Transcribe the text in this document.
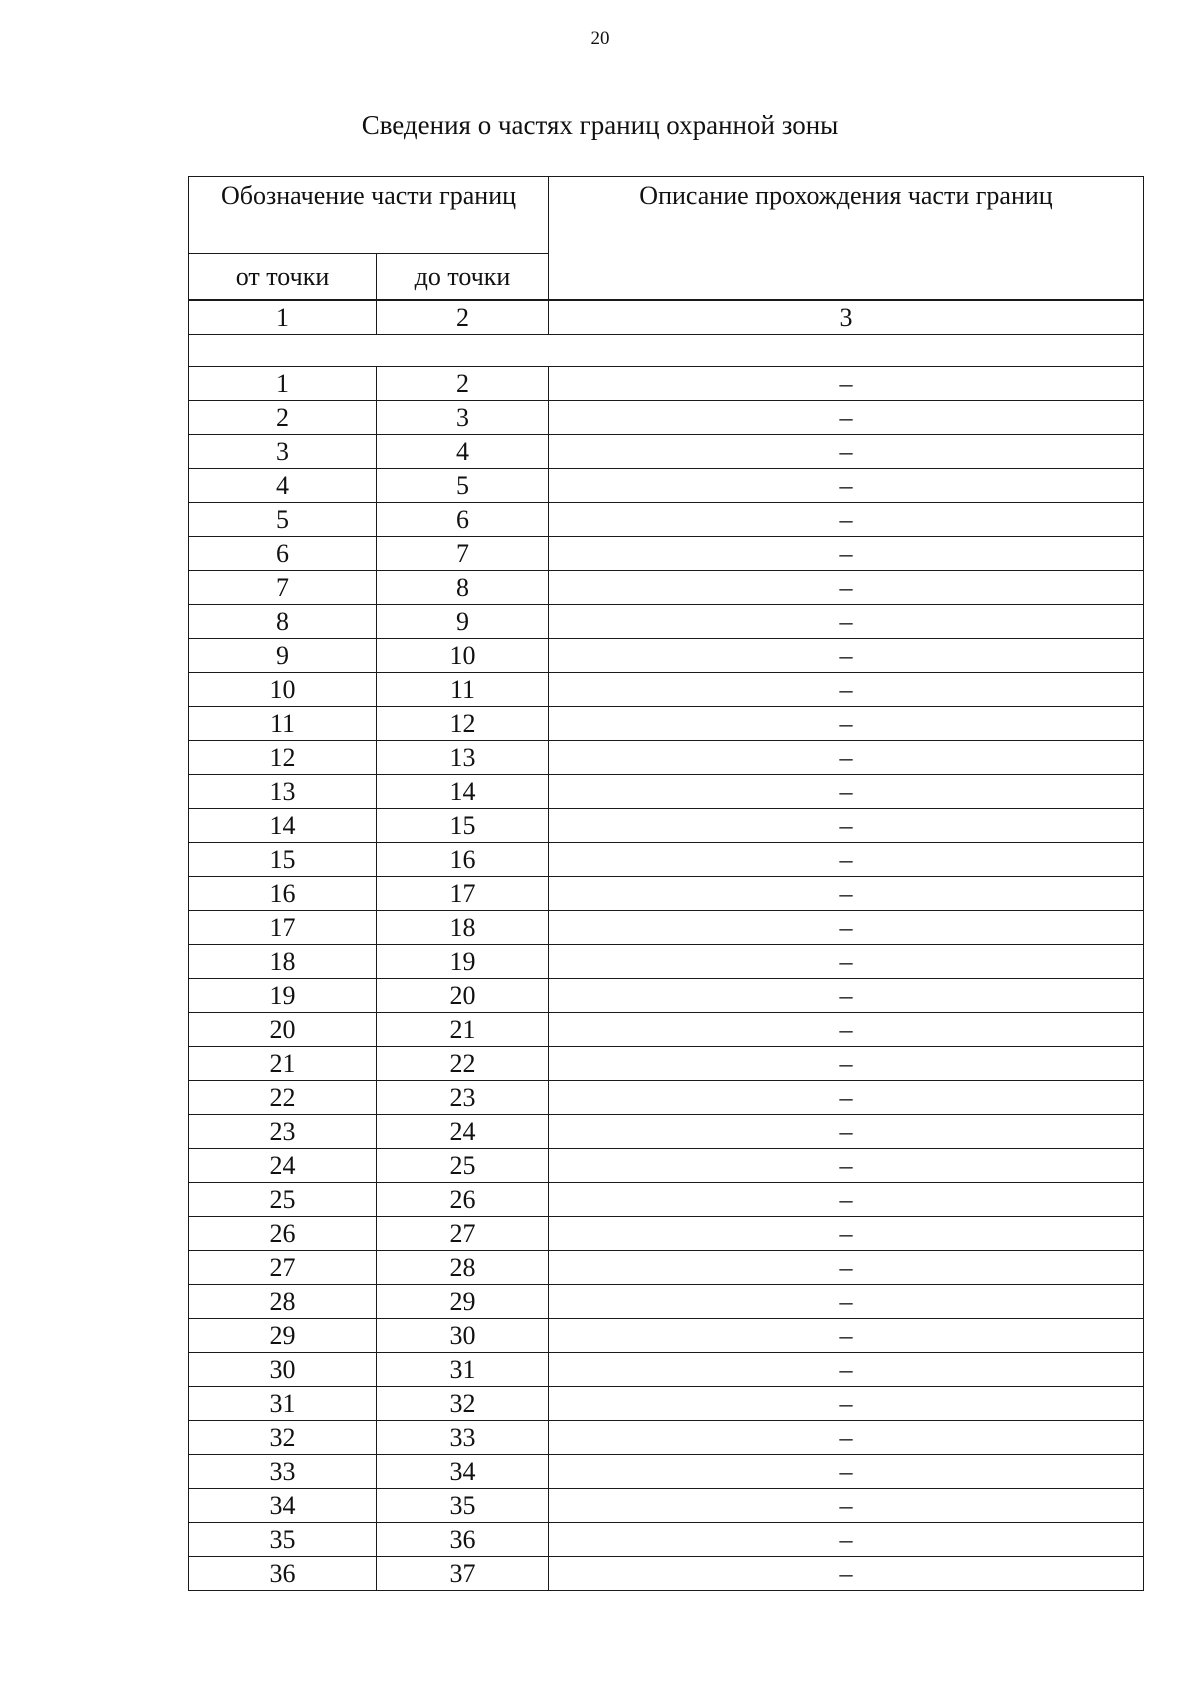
20
Сведения о частях границ охранной зоны
Обозначение части границ		Описание прохождения части границ
от точки	до точки	
1	2	3

1	2	–
2	3	–
3	4	–
4	5	–
5	6	–
6	7	–
7	8	–
8	9	–
9	10	–
10	11	–
11	12	–
12	13	–
13	14	–
14	15	–
15	16	–
16	17	–
17	18	–
18	19	–
19	20	–
20	21	–
21	22	–
22	23	–
23	24	–
24	25	–
25	26	–
26	27	–
27	28	–
28	29	–
29	30	–
30	31	–
31	32	–
32	33	–
33	34	–
34	35	–
35	36	–
36	37	–
